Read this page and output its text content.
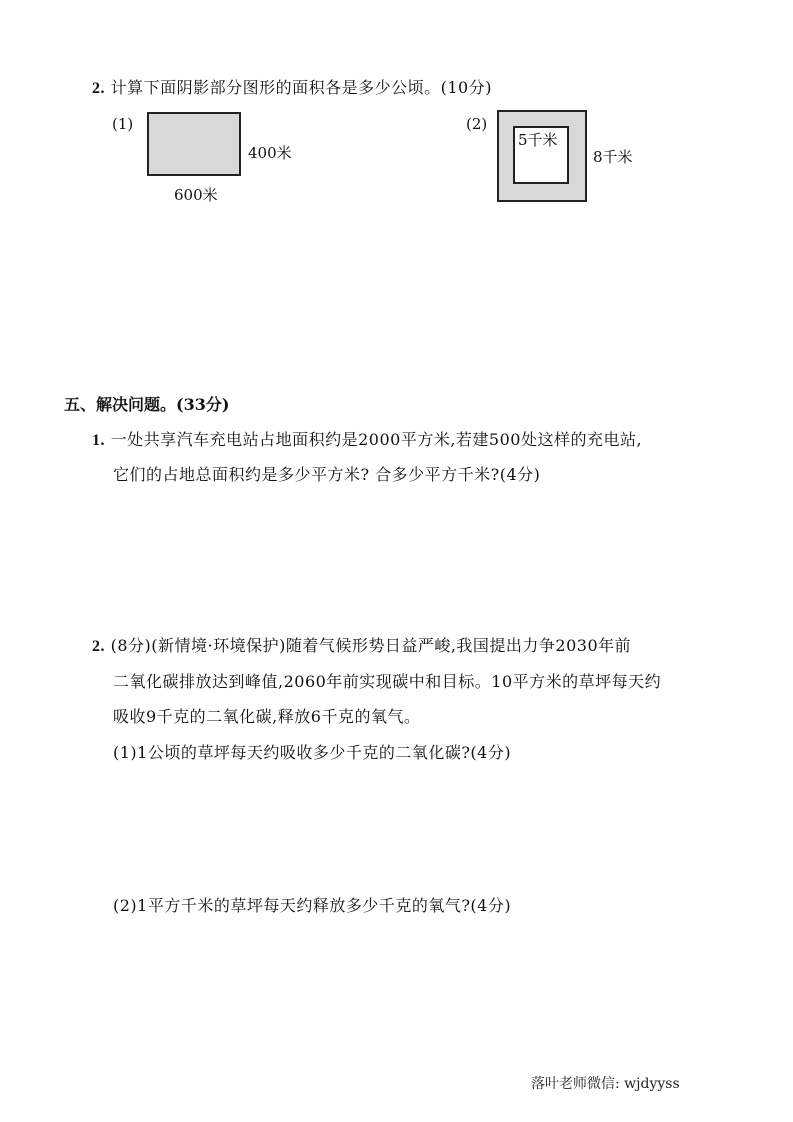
2. 计算下面阴影部分图形的面积各是多少公顷。(10分)
(1)
400米
600米
(2)
5千米
8千米
五、解决问题。(33分)
1. 一处共享汽车充电站占地面积约是2000平方米,若建500处这样的充电站,
它们的占地总面积约是多少平方米? 合多少平方千米?(4分)
2. (8分)(新情境·环境保护)随着气候形势日益严峻,我国提出力争2030年前
二氧化碳排放达到峰值,2060年前实现碳中和目标。10平方米的草坪每天约
吸收9千克的二氧化碳,释放6千克的氧气。
(1)1公顷的草坪每天约吸收多少千克的二氧化碳?(4分)
(2)1平方千米的草坪每天约释放多少千克的氧气?(4分)
落叶老师微信: wjdyyss
